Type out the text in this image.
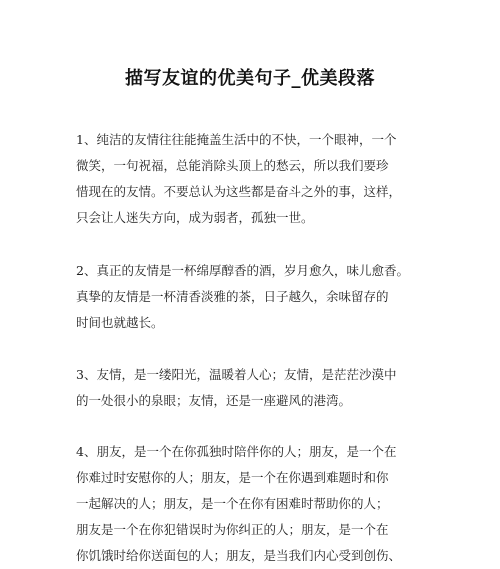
描写友谊的优美句子_优美段落
1、纯洁的友情往往能掩盖生活中的不快，一个眼神，一个
微笑，一句祝福，总能消除头顶上的愁云，所以我们要珍
惜现在的友情。不要总认为这些都是奋斗之外的事，这样，
只会让人迷失方向，成为弱者，孤独一世。
2、真正的友情是一杯绵厚醇香的酒，岁月愈久，味儿愈香。
真挚的友情是一杯清香淡雅的茶，日子越久，余味留存的
时间也就越长。
3、友情，是一缕阳光，温暖着人心；友情，是茫茫沙漠中
的一处很小的泉眼；友情，还是一座避风的港湾。
4、朋友，是一个在你孤独时陪伴你的人；朋友，是一个在
你难过时安慰你的人；朋友，是一个在你遇到难题时和你
一起解决的人；朋友，是一个在你有困难时帮助你的人；
朋友是一个在你犯错误时为你纠正的人；朋友，是一个在
你饥饿时给你送面包的人；朋友，是当我们内心受到创伤、
